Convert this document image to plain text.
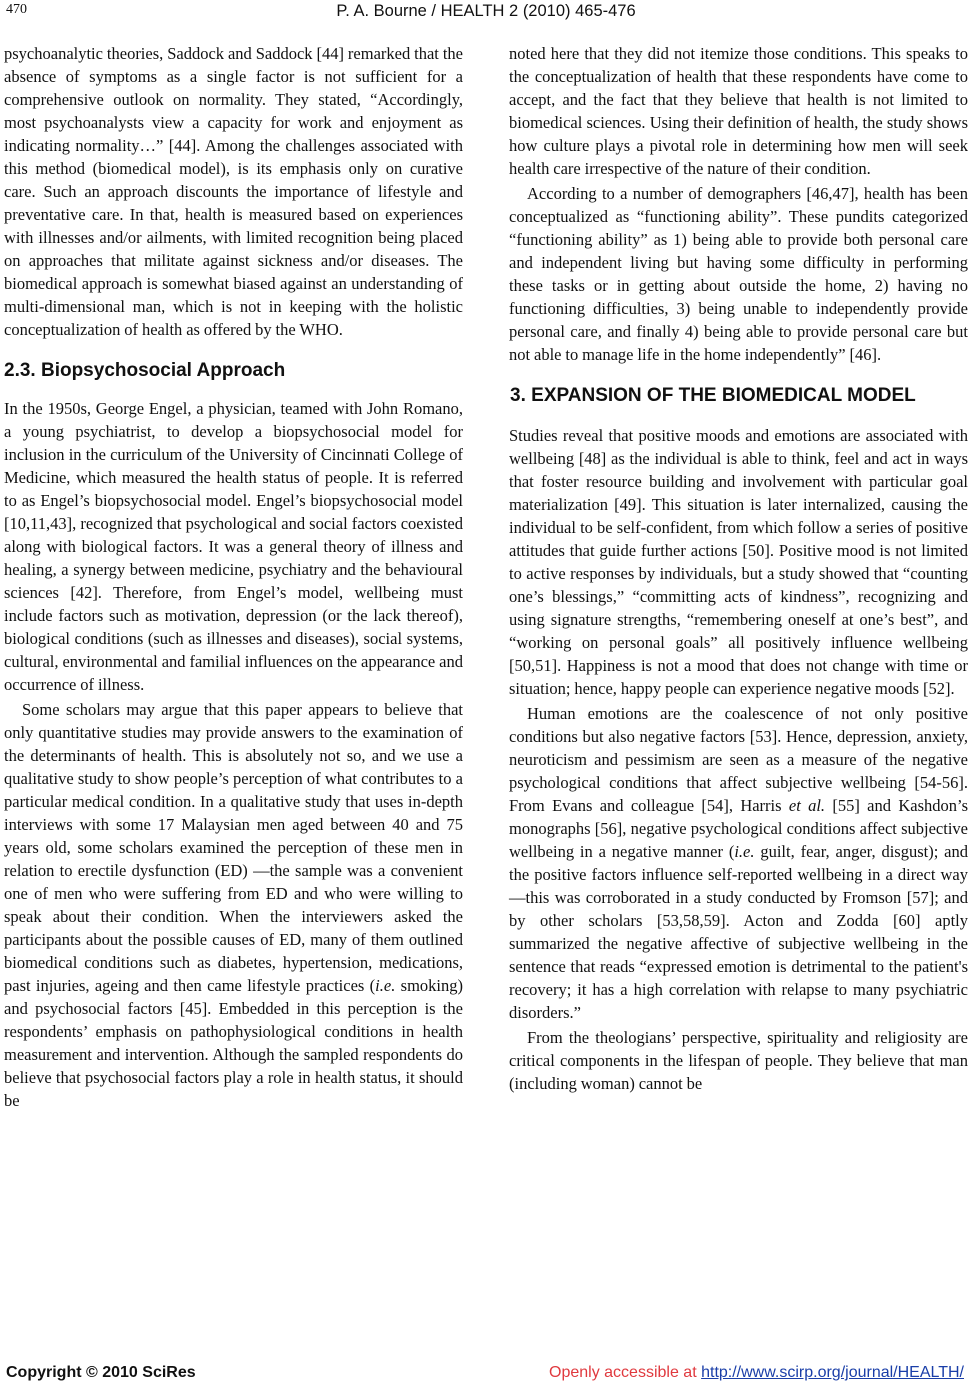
470	P. A. Bourne / HEALTH 2 (2010) 465-476

psychoanalytic theories, Saddock and Saddock [44] remarked that the absence of symptoms as a single factor is not sufficient for a comprehensive outlook on normality. They stated, “Accordingly, most psychoanalysts view a capacity for work and enjoyment as indicating normality…” [44]. Among the challenges associated with this method (biomedical model), is its emphasis only on curative care. Such an approach discounts the importance of lifestyle and preventative care. In that, health is measured based on experiences with illnesses and/or ailments, with limited recognition being placed on approaches that militate against sickness and/or diseases. The biomedical approach is somewhat biased against an understanding of multi-dimensional man, which is not in keeping with the holistic conceptualization of health as offered by the WHO.

2.3. Biopsychosocial Approach

In the 1950s, George Engel, a physician, teamed with John Romano, a young psychiatrist, to develop a biopsychosocial model for inclusion in the curriculum of the University of Cincinnati College of Medicine, which measured the health status of people. It is referred to as Engel’s biopsychosocial model. Engel’s biopsychosocial model [10,11,43], recognized that psychological and social factors coexisted along with biological factors. It was a general theory of illness and healing, a synergy between medicine, psychiatry and the behavioural sciences [42]. Therefore, from Engel’s model, wellbeing must include factors such as motivation, depression (or the lack thereof), biological conditions (such as illnesses and diseases), social systems, cultural, environmental and familial influences on the appearance and occurrence of illness.

Some scholars may argue that this paper appears to believe that only quantitative studies may provide answers to the examination of the determinants of health. This is absolutely not so, and we use a qualitative study to show people’s perception of what contributes to a particular medical condition. In a qualitative study that uses in-depth interviews with some 17 Malaysian men aged between 40 and 75 years old, some scholars examined the perception of these men in relation to erectile dysfunction (ED) —the sample was a convenient one of men who were suffering from ED and who were willing to speak about their condition. When the interviewers asked the participants about the possible causes of ED, many of them outlined biomedical conditions such as diabetes, hypertension, medications, past injuries, ageing and then came lifestyle practices (i.e. smoking) and psychosocial factors [45]. Embedded in this perception is the respondents’ emphasis on pathophysiological conditions in health measurement and intervention. Although the sampled respondents do believe that psychosocial factors play a role in health status, it should be

noted here that they did not itemize those conditions. This speaks to the conceptualization of health that these respondents have come to accept, and the fact that they believe that health is not limited to biomedical sciences. Using their definition of health, the study shows how culture plays a pivotal role in determining how men will seek health care irrespective of the nature of their condition.

According to a number of demographers [46,47], health has been conceptualized as “functioning ability”. These pundits categorized “functioning ability” as 1) being able to provide both personal care and independent living but having some difficulty in performing these tasks or in getting about outside the home, 2) having no functioning difficulties, 3) being unable to independently provide personal care, and finally 4) being able to provide personal care but not able to manage life in the home independently” [46].

3. EXPANSION OF THE BIOMEDICAL MODEL

Studies reveal that positive moods and emotions are associated with wellbeing [48] as the individual is able to think, feel and act in ways that foster resource building and involvement with particular goal materialization [49]. This situation is later internalized, causing the individual to be self-confident, from which follow a series of positive attitudes that guide further actions [50]. Positive mood is not limited to active responses by individuals, but a study showed that “counting one’s blessings,” “committing acts of kindness”, recognizing and using signature strengths, “remembering oneself at one’s best”, and “working on personal goals” all positively influence wellbeing [50,51]. Happiness is not a mood that does not change with time or situation; hence, happy people can experience negative moods [52].

Human emotions are the coalescence of not only positive conditions but also negative factors [53]. Hence, depression, anxiety, neuroticism and pessimism are seen as a measure of the negative psychological conditions that affect subjective wellbeing [54-56]. From Evans and colleague [54], Harris et al. [55] and Kashdon’s monographs [56], negative psychological conditions affect subjective wellbeing in a negative manner (i.e. guilt, fear, anger, disgust); and the positive factors influence self-reported wellbeing in a direct way—this was corroborated in a study conducted by Fromson [57]; and by other scholars [53,58,59]. Acton and Zodda [60] aptly summarized the negative affective of subjective wellbeing in the sentence that reads “expressed emotion is detrimental to the patient's recovery; it has a high correlation with relapse to many psychiatric disorders.”

From the theologians’ perspective, spirituality and religiosity are critical components in the lifespan of people. They believe that man (including woman) cannot be

Copyright © 2010 SciRes	Openly accessible at http://www.scirp.org/journal/HEALTH/
